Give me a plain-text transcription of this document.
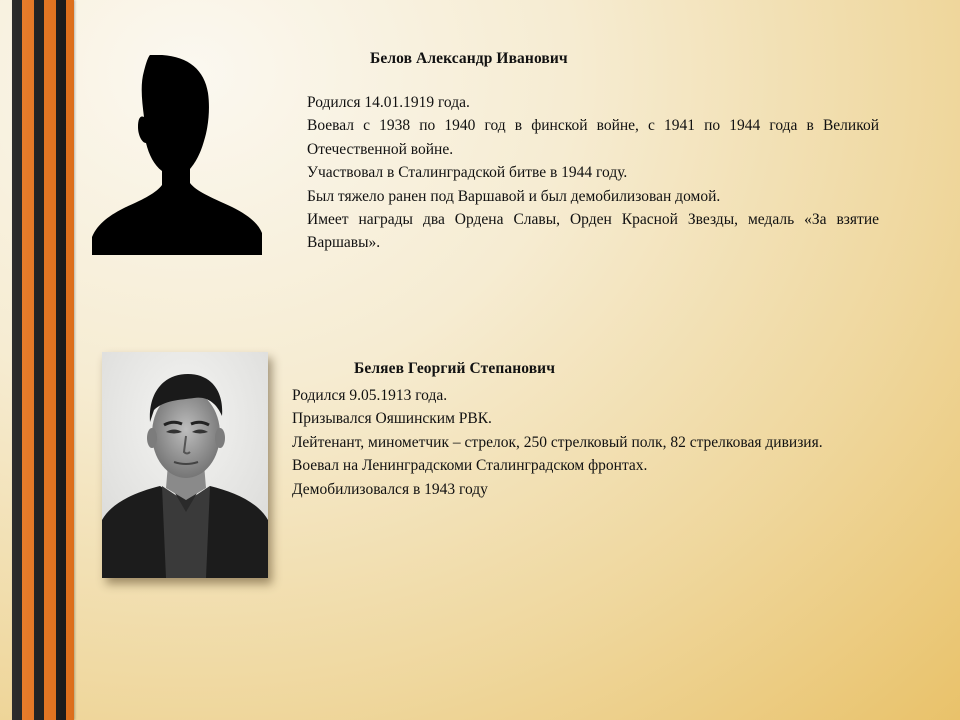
Белов Александр Иванович

Родился 14.01.1919 года.

Воевал с 1938 по 1940 год в финской войне, с 1941 по 1944 года в Великой Отечественной войне.

Участвовал в Сталинградской битве в 1944 году.

Был тяжело ранен под Варшавой и был демобилизован домой.

Имеет награды два Ордена Славы, Орден Красной Звезды, медаль «За взятие Варшавы».

Беляев Георгий Степанович

Родился 9.05.1913 года.

Призывался Ояшинским РВК.

Лейтенант, минометчик – стрелок, 250 стрелковый полк, 82 стрелковая дивизия.

Воевал на Ленинградскоми Сталинградском фронтах.

Демобилизовался в 1943 году
